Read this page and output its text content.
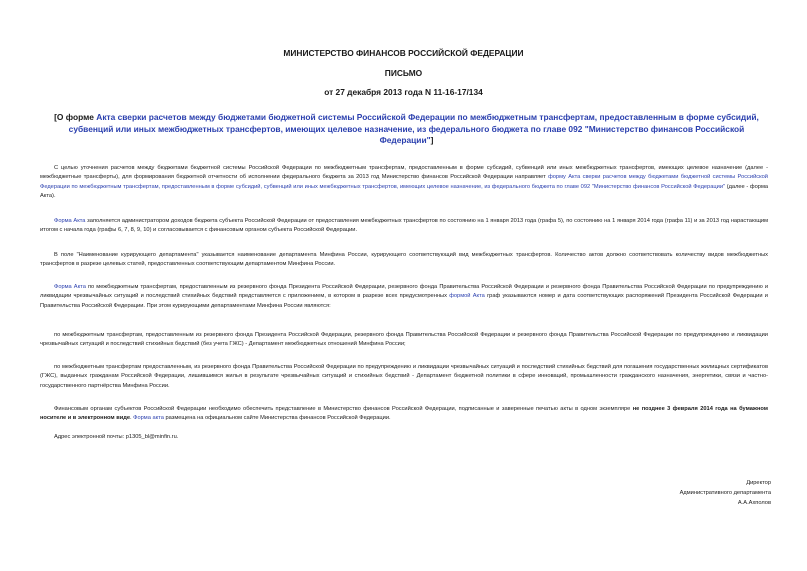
МИНИСТЕРСТВО ФИНАНСОВ РОССИЙСКОЙ ФЕДЕРАЦИИ
ПИСЬМО
от 27 декабря 2013 года N 11-16-17/134
[О форме Акта сверки расчетов между бюджетами бюджетной системы Российской Федерации по межбюджетным трансфертам, предоставленным в форме субсидий, субвенций или иных межбюджетных трансфертов, имеющих целевое назначение, из федерального бюджета по главе 092 "Министерство финансов Российской Федерации"]

С целью уточнения расчетов между бюджетами бюджетной системы Российской Федерации по межбюджетным трансфертам, предоставленным в форме субсидий, субвенций или иных межбюджетных трансфертов, имеющих целевое назначение (далее - межбюджетные трансферты), для формирования бюджетной отчетности об исполнении федерального бюджета за 2013 год Министерство финансов Российской Федерации направляет форму Акта сверки расчетов между бюджетами бюджетной системы Российской Федерации по межбюджетным трансфертам, предоставленным в форме субсидий, субвенций или иных межбюджетных трансфертов, имеющих целевое назначение, из федерального бюджета по главе 092 "Министерство финансов Российской Федерации" (далее - форма Акта).

Форма Акта заполняется администратором доходов бюджета субъекта Российской Федерации от предоставления межбюджетных трансфертов по состоянию на 1 января 2013 года (графа 5), по состоянию на 1 января 2014 года (графа 11) и за 2013 год нарастающим итогом с начала года (графы 6, 7, 8, 9, 10) и согласовывается с финансовым органом субъекта Российской Федерации.

В поле "Наименование курирующего департамента" указывается наименование департамента Минфина России, курирующего соответствующий вид межбюджетных трансфертов. Количество актов должно соответствовать количеству видов межбюджетных трансфертов в разрезе целевых статей, предоставленных соответствующим департаментом Минфина России.

Форма Акта по межбюджетным трансфертам, предоставленным из резервного фонда Президента Российской Федерации, резервного фонда Правительства Российской Федерации и резервного фонда Правительства Российской Федерации по предупреждению и ликвидации чрезвычайных ситуаций и последствий стихийных бедствий представляется с приложением, в котором в разрезе всех предусмотренных формой Акта граф указываются номер и дата соответствующих распоряжений Президента Российской Федерации и Правительства Российской Федерации. При этом курирующими департаментами Минфина России являются:

по межбюджетным трансфертам, предоставленным из резервного фонда Президента Российской Федерации, резервного фонда Правительства Российской Федерации и резервного фонда Правительства Российской Федерации по предупреждению и ликвидации чрезвычайных ситуаций и последствий стихийных бедствий (без учета ГЖС) - Департамент межбюджетных отношений Минфина России;

по межбюджетным трансфертам предоставленным, из резервного фонда Правительства Российской Федерации по предупреждению и ликвидации чрезвычайных ситуаций и последствий стихийных бедствий для погашения государственных жилищных сертификатов (ГЖС), выданных гражданам Российской Федерации, лишившимся жилья в результате чрезвычайных ситуаций и стихийных бедствий - Департамент бюджетной политики в сфере инноваций, промышленности гражданского назначения, энергетики, связи и частно-государственного партнёрства Минфина России.

Финансовым органам субъектов Российской Федерации необходимо обеспечить представление в Министерство финансов Российской Федерации, подписанные и заверенные печатью акты в одном экземпляре не позднее 3 февраля 2014 года на бумажном носителе и в электронном виде. Форма акта размещена на официальном сайте Министерства финансов Российской Федерации.

Адрес электронной почты: p1305_bl@minfin.ru.

Директор
Административного департамента
А.А.Ахполов
